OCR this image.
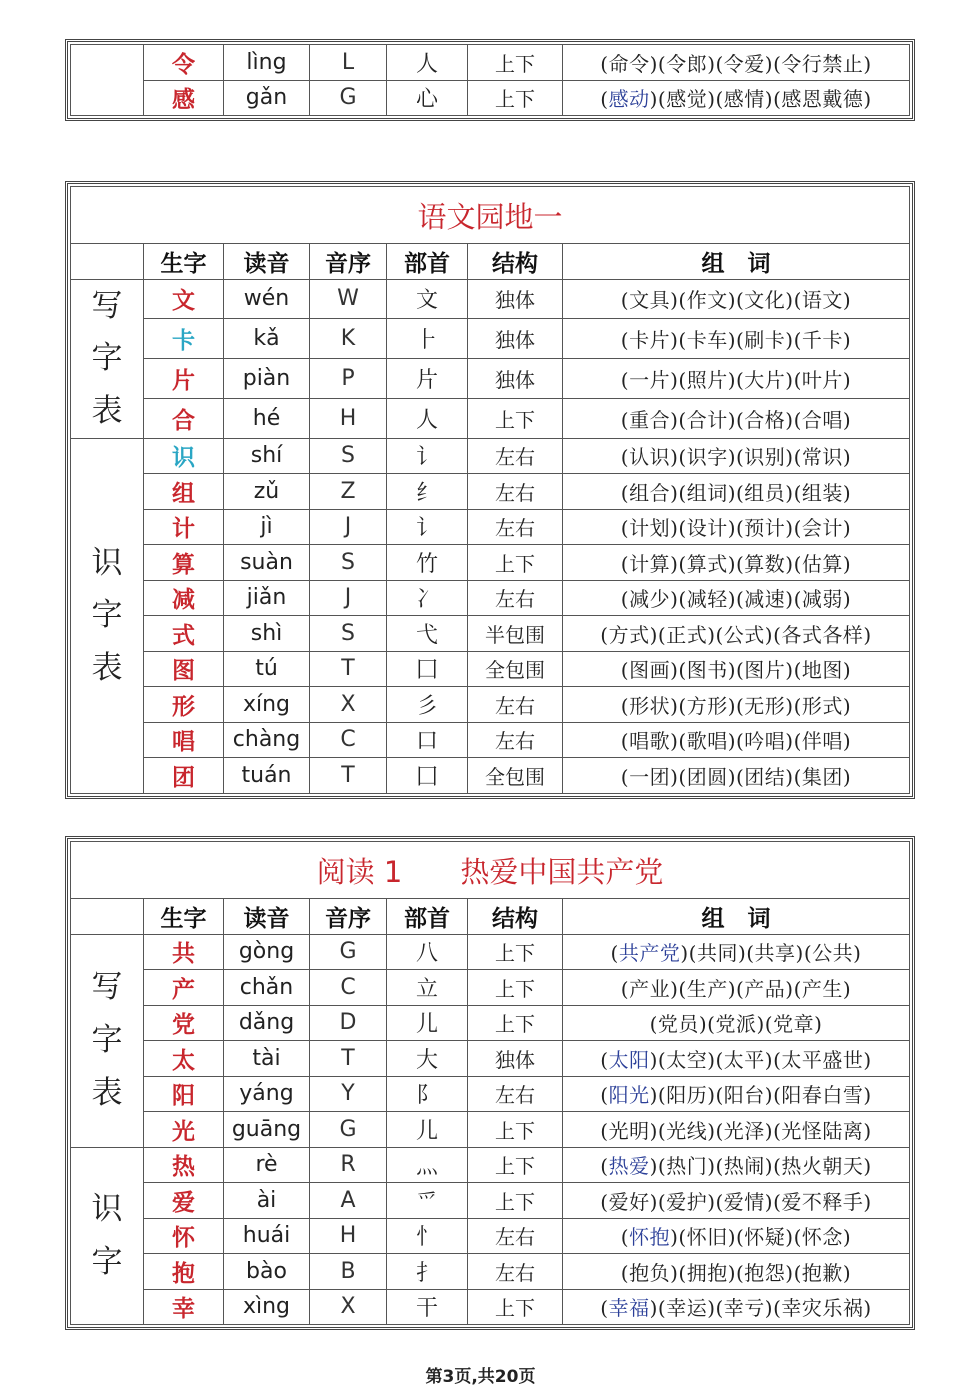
	令	lìng	L	人	上下	(命令)(令郎)(令爱)(令行禁止)
	感	gǎn	G	心	上下	(感动)(感觉)(感情)(感恩戴德)
语文园地一						
	生字	读音	音序	部首	结构	组　词

写字表	文	wén	W	文	独体	(文具)(作文)(文化)(语文)
	卡	kǎ	K	⺊	独体	(卡片)(卡车)(刷卡)(千卡)
	片	piàn	P	片	独体	(一片)(照片)(大片)(叶片)
	合	hé	H	人	上下	(重合)(合计)(合格)(合唱)

识字表	识	shí	S	讠	左右	(认识)(识字)(识别)(常识)
	组	zǔ	Z	纟	左右	(组合)(组词)(组员)(组装)
	计	jì	J	讠	左右	(计划)(设计)(预计)(会计)
	算	suàn	S	竹	上下	(计算)(算式)(算数)(估算)
	减	jiǎn	J	冫	左右	(减少)(减轻)(减速)(减弱)
	式	shì	S	弋	半包围	(方式)(正式)(公式)(各式各样)
	图	tú	T	囗	全包围	(图画)(图书)(图片)(地图)
	形	xíng	X	彡	左右	(形状)(方形)(无形)(形式)
	唱	chàng	C	口	左右	(唱歌)(歌唱)(吟唱)(伴唱)
	团	tuán	T	囗	全包围	(一团)(团圆)(团结)(集团)
阅读 1　　热爱中国共产党						
	生字	读音	音序	部首	结构	组　词

写字表	共	gòng	G	八	上下	(共产党)(共同)(共享)(公共)
	产	chǎn	C	立	上下	(产业)(生产)(产品)(产生)
	党	dǎng	D	儿	上下	(党员)(党派)(党章)
	太	tài	T	大	独体	(太阳)(太空)(太平)(太平盛世)
	阳	yáng	Y	阝	左右	(阳光)(阳历)(阳台)(阳春白雪)
	光	guāng	G	儿	上下	(光明)(光线)(光泽)(光怪陆离)

识字	热	rè	R	灬	上下	(热爱)(热门)(热闹)(热火朝天)
	爱	ài	A	爫	上下	(爱好)(爱护)(爱情)(爱不释手)
	怀	huái	H	忄	左右	(怀抱)(怀旧)(怀疑)(怀念)
	抱	bào	B	扌	左右	(抱负)(拥抱)(抱怨)(抱歉)
	幸	xìng	X	干	上下	(幸福)(幸运)(幸亏)(幸灾乐祸)
第3页,共20页
